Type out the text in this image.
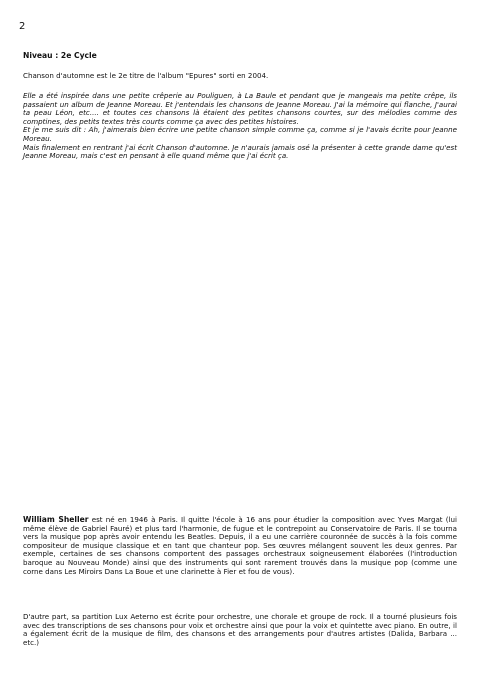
2
Niveau : 2e Cycle

Chanson d'automne est le 2e titre de l'album "Epures" sorti en 2004.

Elle a été inspirée dans une petite crêperie au Pouliguen, à La Baule et pendant que je mangeais ma petite crêpe, ils passaient un album de Jeanne Moreau. Et j'entendais les chansons de Jeanne Moreau. J'ai la mémoire qui flanche, J'aurai ta peau Léon, etc.... et toutes ces chansons là étaient des petites chansons courtes, sur des mélodies comme des comptines, des petits textes très courts comme ça avec des petites histoires.
Et je me suis dit : Ah, j'aimerais bien écrire une petite chanson simple comme ça, comme si je l'avais écrite pour Jeanne Moreau.
Mais finalement en rentrant j'ai écrit Chanson d'automne. Je n'aurais jamais osé la présenter à cette grande dame qu'est Jeanne Moreau, mais c'est en pensant à elle quand même que j'ai écrit ça.

William Sheller est né en 1946 à Paris. Il quitte l'école à 16 ans pour étudier la composition avec Yves Margat (lui même élève de Gabriel Fauré) et plus tard l'harmonie, de fugue et le contrepoint au Conservatoire de Paris. Il se tourna vers la musique pop après avoir entendu les Beatles. Depuis, il a eu une carrière couronnée de succès à la fois comme compositeur de musique classique et en tant que chanteur pop. Ses œuvres mélangent souvent les deux genres. Par exemple, certaines de ses chansons comportent des passages orchestraux soigneusement élaborées (l'introduction baroque au Nouveau Monde) ainsi que des instruments qui sont rarement trouvés dans la musique pop (comme une corne dans Les Miroirs Dans La Boue et une clarinette à Fier et fou de vous).

D'autre part, sa partition Lux Aeterno est écrite pour orchestre, une chorale et groupe de rock. Il a tourné plusieurs fois avec des transcriptions de ses chansons pour voix et orchestre ainsi que pour la voix et quintette avec piano. En outre, il a également écrit de la musique de film, des chansons et des arrangements pour d'autres artistes (Dalida, Barbara ... etc.)
